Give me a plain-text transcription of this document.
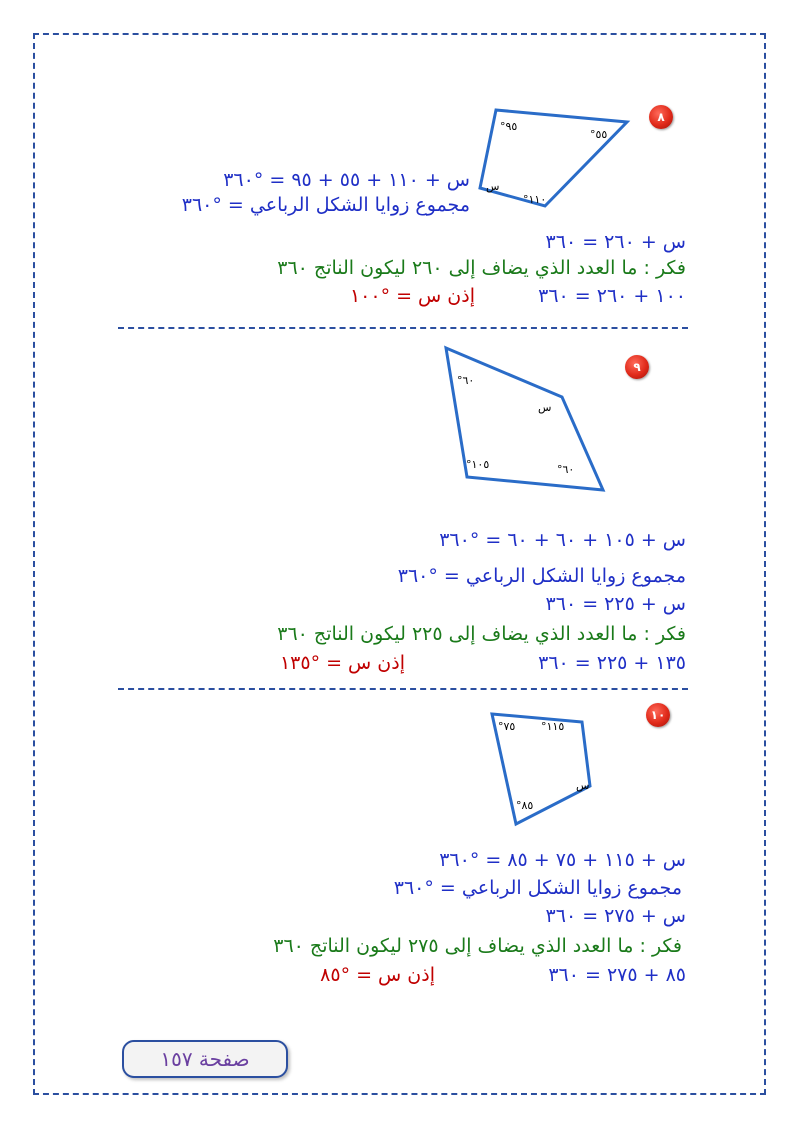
٨
°٩٥
°٥٥
°١١٠
س
س + ١١٠ + ٥٥ + ٩٥ = °٣٦٠
مجموع زوايا الشكل الرباعي = °٣٦٠
س + ٢٦٠ = ٣٦٠
فكر : ما العدد الذي يضاف إلى ٢٦٠ ليكون الناتج ٣٦٠
١٠٠ + ٢٦٠ = ٣٦٠
إذن س = °١٠٠
٩
°٦٠
س
°١٠٥	°٦٠
س + ١٠٥ + ٦٠ + ٦٠ = °٣٦٠
مجموع زوايا الشكل الرباعي = °٣٦٠
س + ٢٢٥ = ٣٦٠
فكر : ما العدد الذي يضاف إلى ٢٢٥ ليكون الناتج ٣٦٠
١٣٥ + ٢٢٥ = ٣٦٠
إذن س = °١٣٥
١٠
°٧٥ °١١٥
س
°٨٥
س + ١١٥ + ٧٥ + ٨٥ = °٣٦٠
مجموع زوايا الشكل الرباعي = °٣٦٠
س + ٢٧٥ = ٣٦٠
فكر : ما العدد الذي يضاف إلى ٢٧٥ ليكون الناتج ٣٦٠
٨٥ + ٢٧٥ = ٣٦٠
إذن س = °٨٥
صفحة ١٥٧
